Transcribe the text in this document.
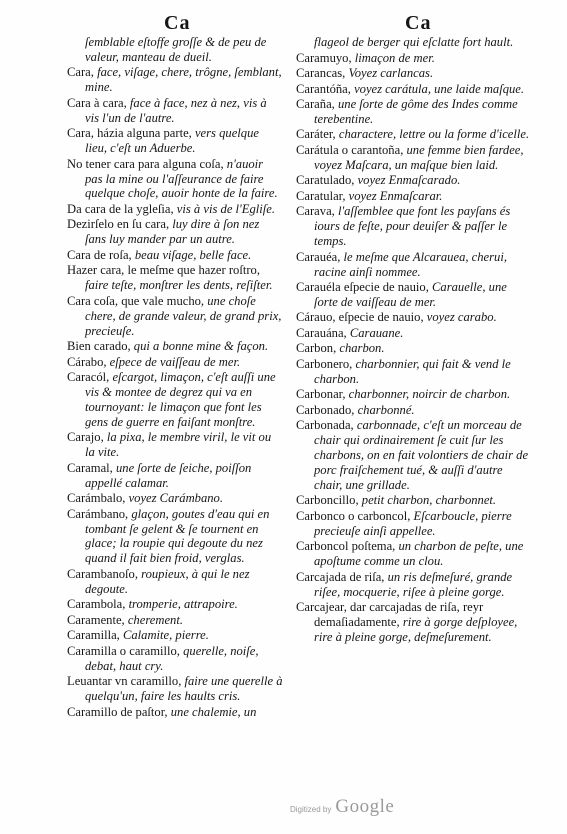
Ca	Ca
ſemblable eſtoffe groſſe & de peu de valeur, manteau de dueil.
Cara, face, viſage, chere, trôgne, ſemblant, mine.
Cara à cara, face à face, nez à nez, vis à vis l'un de l'autre.
Cara, házia alguna parte, vers quelque lieu, c'eſt un Aduerbe.
No tener cara para alguna coſa, n'auoir pas la mine ou l'aſſeurance de faire quelque choſe, auoir honte de la faire.
Da cara de la ygleſia, vis à vis de l'Egliſe.
Dezirſelo en ſu cara, luy dire à ſon nez ſans luy mander par un autre.
Cara de roſa, beau viſage, belle face.
Hazer cara, le meſme que hazer roſtro, faire teſte, monſtrer les dents, reſiſter.
Cara coſa, que vale mucho, une choſe chere, de grande valeur, de grand prix, precieuſe.
Bien carado, qui a bonne mine & façon.
Cárabo, eſpece de vaiſſeau de mer.
Caracól, eſcargot, limaçon, c'eſt auſſi une vis & montee de degrez qui va en tournoyant: le limaçon que font les gens de guerre en faiſant monſtre.
Carajo, la pixa, le membre viril, le vit ou la vite.
Caramal, une ſorte de ſeiche, poiſſon appellé calamar.
Carámbalo, voyez Carámbano.
Carámbano, glaçon, goutes d'eau qui en tombant ſe gelent & ſe tournent en glace; la roupie qui degoute du nez quand il fait bien froid, verglas.
Carambanoſo, roupieux, à qui le nez degoute.
Carambola, tromperie, attrapoire.
Caramente, cherement.
Caramilla, Calamite, pierre.
Caramilla o caramillo, querelle, noiſe, debat, haut cry.
Leuantar vn caramillo, faire une querelle à quelqu'un, faire les haults cris.
Caramillo de paſtor, une chalemie, un
flageol de berger qui eſclatte fort hault.
Caramuyo, limaçon de mer.
Carancas, Voyez carlancas.
Carantóña, voyez carátula, une laide maſque.
Caraña, une ſorte de gôme des Indes comme terebentine.
Caráter, charactere, lettre ou la forme d'icelle.
Carátula o carantoña, une femme bien fardee, voyez Maſcara, un maſque bien laid.
Caratulado, voyez Enmaſcarado.
Caratular, voyez Enmaſcarar.
Carava, l'aſſemblee que font les payſans és iours de feſte, pour deuiſer & paſſer le temps.
Carauéa, le meſme que Alcarauea, cherui, racine ainſi nommee.
Carauéla eſpecie de nauio, Carauelle, une ſorte de vaiſſeau de mer.
Cárauo, eſpecie de nauio, voyez carabo.
Carauána, Carauane.
Carbon, charbon.
Carbonero, charbonnier, qui fait & vend le charbon.
Carbonar, charbonner, noircir de charbon.
Carbonado, charbonné.
Carbonada, carbonnade, c'eſt un morceau de chair qui ordinairement ſe cuit ſur les charbons, on en fait volontiers de chair de porc fraiſchement tué, & auſſi d'autre chair, une grillade.
Carboncillo, petit charbon, charbonnet.
Carbonco o carboncol, Eſcarboucle, pierre precieuſe ainſi appellee.
Carboncol poſtema, un charbon de peſte, une apoſtume comme un clou.
Carcajada de riſa, un ris deſmeſuré, grande riſee, mocquerie, riſee à pleine gorge.
Carcajear, dar carcajadas de riſa, reyr demaſiadamente, rire à gorge deſployee, rire à pleine gorge, deſmeſurement.
Digitized by Google
